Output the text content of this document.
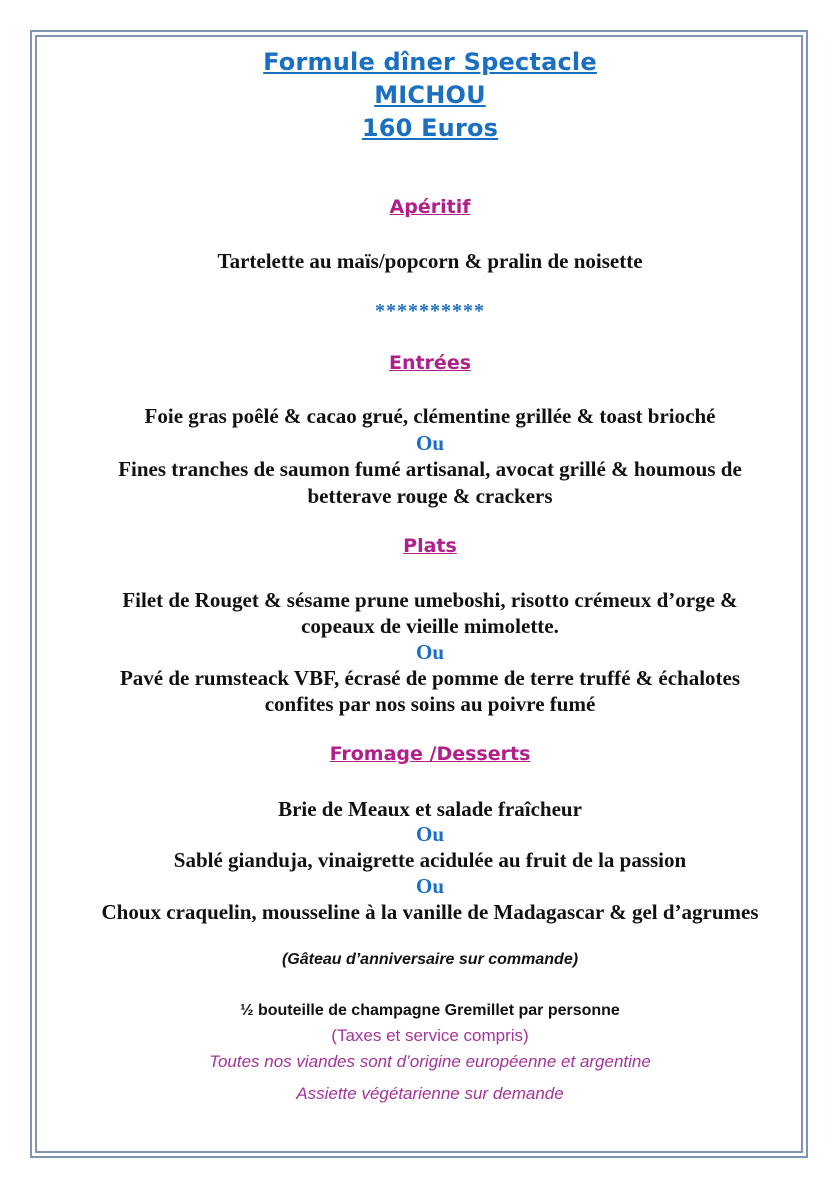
Formule dîner Spectacle
MICHOU
160 Euros
Apéritif
Tartelette au maïs/popcorn & pralin de noisette
**********
Entrées
Foie gras poêlé & cacao grué, clémentine grillée & toast brioché
Ou
Fines tranches de saumon fumé artisanal, avocat grillé & houmous de
betterave rouge & crackers
Plats
Filet de Rouget & sésame prune umeboshi, risotto crémeux d’orge &
copeaux de vieille mimolette.
Ou
Pavé de rumsteack VBF, écrasé de pomme de terre truffé & échalotes
confites par nos soins au poivre fumé
Fromage /Desserts
Brie de Meaux et salade fraîcheur
Ou
Sablé gianduja, vinaigrette acidulée au fruit de la passion
Ou
Choux craquelin, mousseline à la vanille de Madagascar & gel d’agrumes
(Gâteau d’anniversaire sur commande)
½ bouteille de champagne Gremillet par personne
(Taxes et service compris)
Toutes nos viandes sont d’origine européenne et argentine
Assiette végétarienne sur demande
